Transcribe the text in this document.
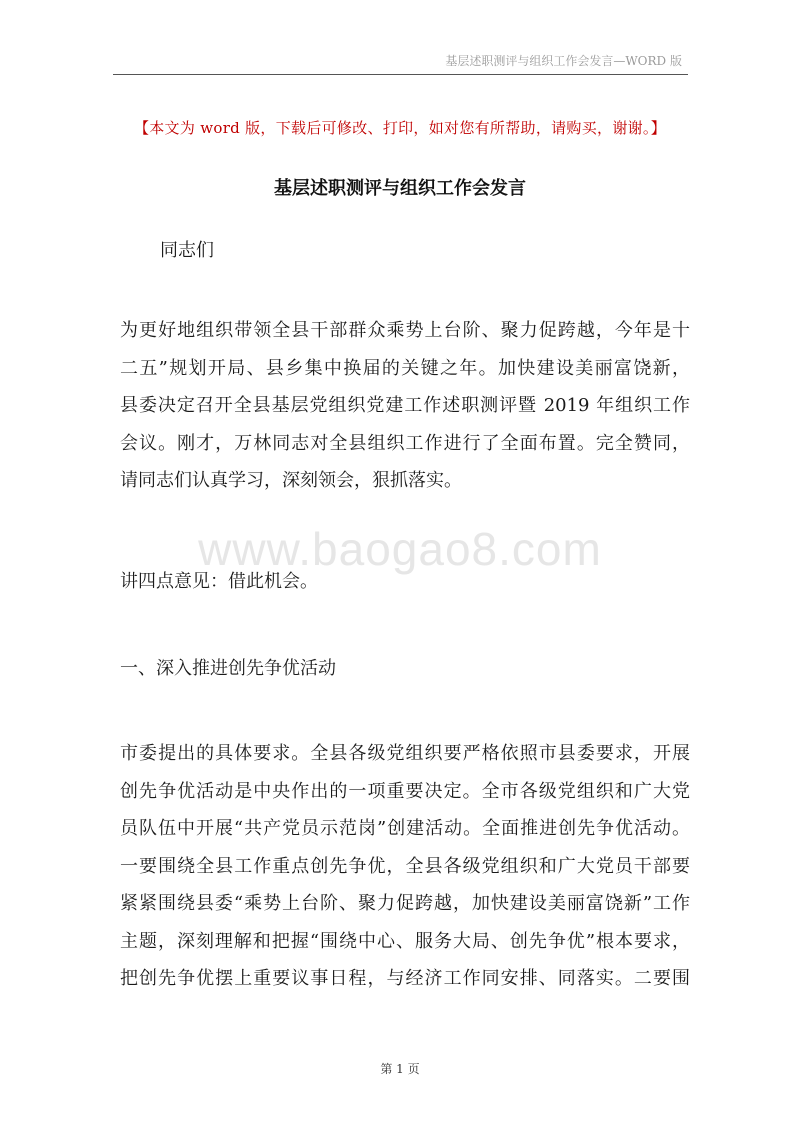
基层述职测评与组织工作会发言—WORD 版
【本文为 word 版，下载后可修改、打印，如对您有所帮助，请购买，谢谢。】
基层述职测评与组织工作会发言
同志们
为更好地组织带领全县干部群众乘势上台阶、聚力促跨越，今年是十
二五”规划开局、县乡集中换届的关键之年。加快建设美丽富饶新，
县委决定召开全县基层党组织党建工作述职测评暨 2019 年组织工作
会议。刚才，万林同志对全县组织工作进行了全面布置。完全赞同，
请同志们认真学习，深刻领会，狠抓落实。
www.baogao8.com
讲四点意见：借此机会。
一、深入推进创先争优活动
市委提出的具体要求。全县各级党组织要严格依照市县委要求，开展
创先争优活动是中央作出的一项重要决定。全市各级党组织和广大党
员队伍中开展“共产党员示范岗”创建活动。全面推进创先争优活动。
一要围绕全县工作重点创先争优，全县各级党组织和广大党员干部要
紧紧围绕县委“乘势上台阶、聚力促跨越，加快建设美丽富饶新”工作
主题，深刻理解和把握“围绕中心、服务大局、创先争优”根本要求，
把创先争优摆上重要议事日程，与经济工作同安排、同落实。二要围
第 1 页
